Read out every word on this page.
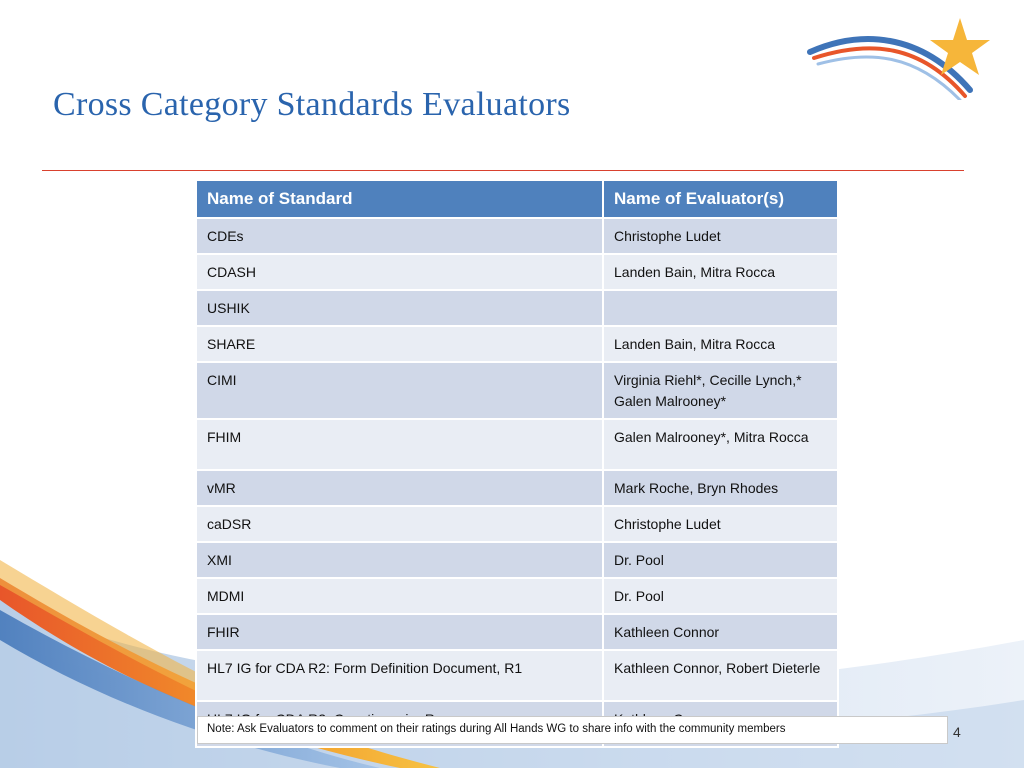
Cross Category Standards Evaluators
Name of Standard	Name of Evaluator(s)
CDEs	Christophe Ludet
CDASH	Landen Bain, Mitra Rocca
USHIK	
SHARE	Landen Bain, Mitra Rocca
CIMI	Virginia Riehl*, Cecille Lynch,* Galen Malrooney*
FHIM	Galen Malrooney*, Mitra Rocca
vMR	Mark Roche, Bryn Rhodes
caDSR	Christophe Ludet
XMI	Dr. Pool
MDMI	Dr. Pool
FHIR	Kathleen Connor
HL7 IG for CDA R2: Form Definition Document, R1	Kathleen Connor, Robert Dieterle

Note: Ask Evaluators to comment on their ratings during All Hands WG to share info with the community members	4
